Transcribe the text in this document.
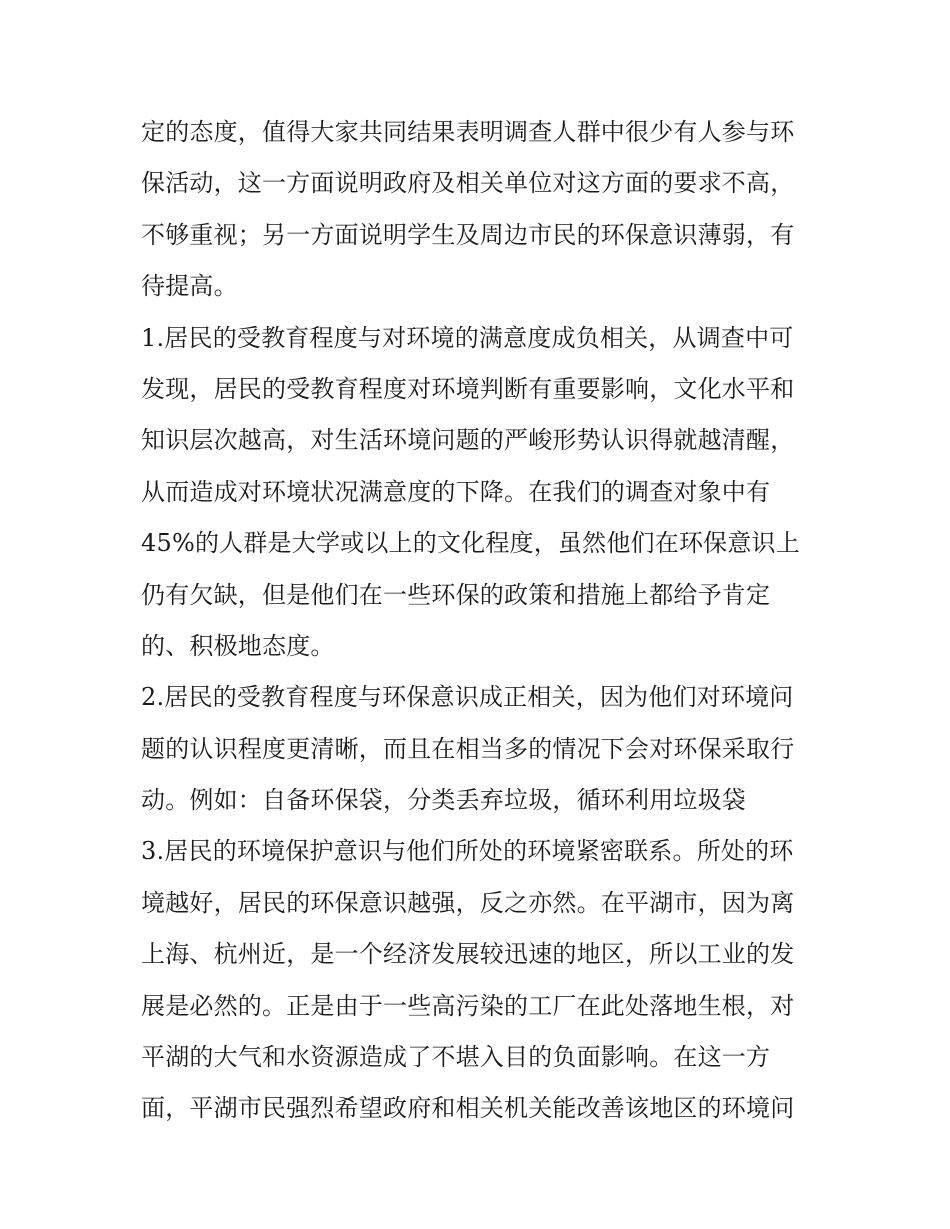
定的态度，值得大家共同结果表明调查人群中很少有人参与环
保活动，这一方面说明政府及相关单位对这方面的要求不高，
不够重视；另一方面说明学生及周边市民的环保意识薄弱，有
待提高。
1.居民的受教育程度与对环境的满意度成负相关，从调查中可
发现，居民的受教育程度对环境判断有重要影响，文化水平和
知识层次越高，对生活环境问题的严峻形势认识得就越清醒，
从而造成对环境状况满意度的下降。在我们的调查对象中有
45%的人群是大学或以上的文化程度，虽然他们在环保意识上
仍有欠缺，但是他们在一些环保的政策和措施上都给予肯定
的、积极地态度。
2.居民的受教育程度与环保意识成正相关，因为他们对环境问
题的认识程度更清晰，而且在相当多的情况下会对环保采取行
动。例如：自备环保袋，分类丢弃垃圾，循环利用垃圾袋
3.居民的环境保护意识与他们所处的环境紧密联系。所处的环
境越好，居民的环保意识越强，反之亦然。在平湖市，因为离
上海、杭州近，是一个经济发展较迅速的地区，所以工业的发
展是必然的。正是由于一些高污染的工厂在此处落地生根，对
平湖的大气和水资源造成了不堪入目的负面影响。在这一方
面，平湖市民强烈希望政府和相关机关能改善该地区的环境问
